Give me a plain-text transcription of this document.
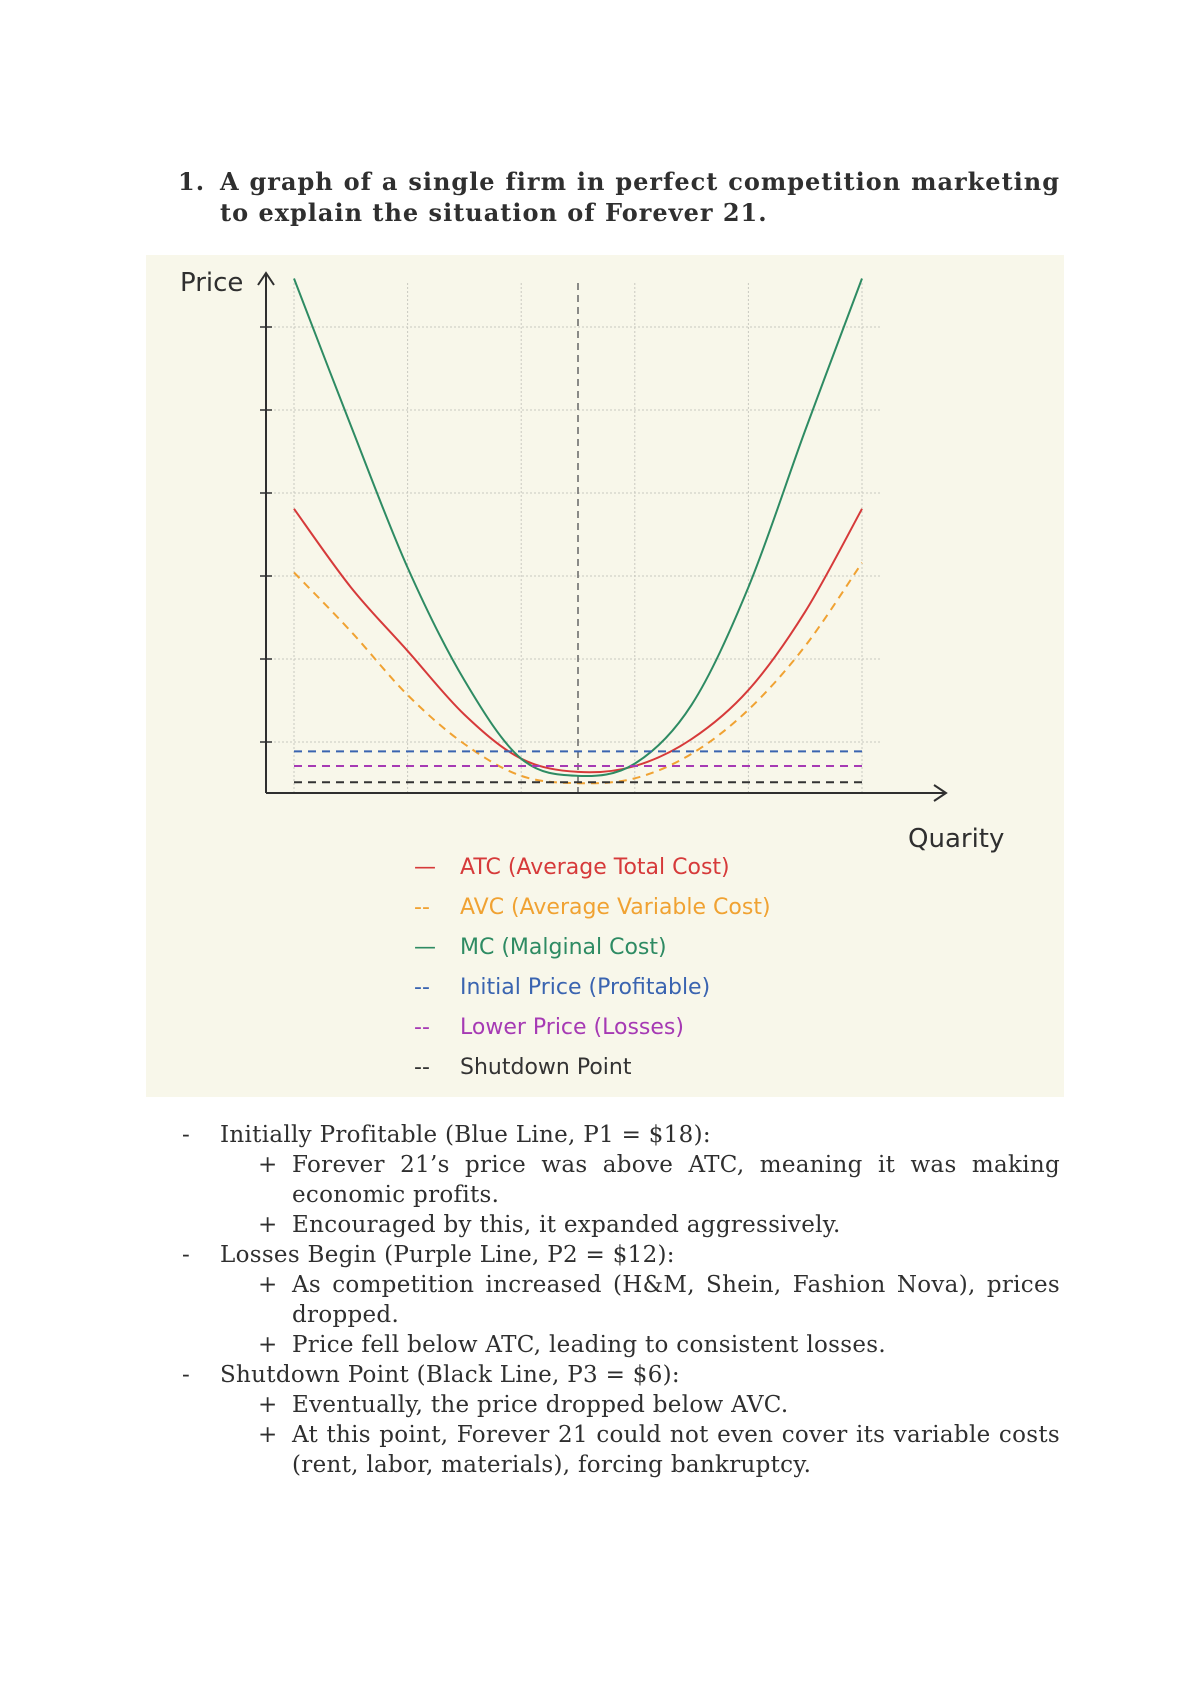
1. A graph of a single firm in perfect competition marketing to explain the situation of Forever 21.
Price
Quarity
—	ATC (Average Total Cost)
--	AVC (Average Variable Cost)
—	MC (Malginal Cost)
--	Initial Price (Profitable)
--	Lower Price (Losses)
--	Shutdown Point
- Initially Profitable (Blue Line, P1 = $18):
+ Forever 21’s price was above ATC, meaning it was making economic profits.
+ Encouraged by this, it expanded aggressively.
- Losses Begin (Purple Line, P2 = $12):
+ As competition increased (H&M, Shein, Fashion Nova), prices dropped.
+ Price fell below ATC, leading to consistent losses.
- Shutdown Point (Black Line, P3 = $6):
+ Eventually, the price dropped below AVC.
+ At this point, Forever 21 could not even cover its variable costs (rent, labor, materials), forcing bankruptcy.
